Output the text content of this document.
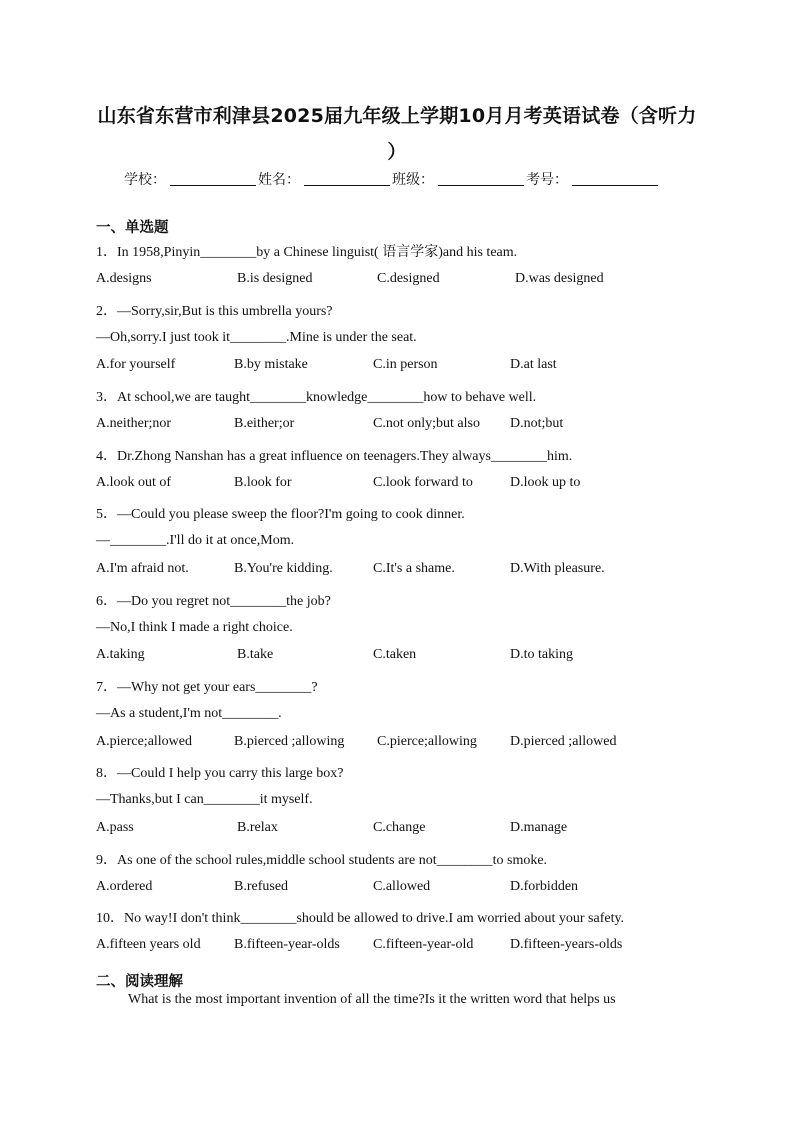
山东省东营市利津县2025届九年级上学期10月月考英语试卷（含听力
）
学校：	姓名：	班级：	考号：
一、单选题
1．In 1958,Pinyin________by a Chinese linguist( 语言学家)and his team.
A.designs	B.is designed	C.designed	D.was designed
2．—Sorry,sir,But is this umbrella yours?
—Oh,sorry.I just took it________.Mine is under the seat.
A.for yourself	B.by mistake	C.in person	D.at last
3．At school,we are taught________knowledge________how to behave well.
A.neither;nor	B.either;or	C.not only;but also D.not;but
4．Dr.Zhong Nanshan has a great influence on teenagers.They always________him.
A.look out of	B.look for	C.look forward to	D.look up to
5．—Could you please sweep the floor?I'm going to cook dinner.
—________.I'll do it at once,Mom.
A.I'm afraid not.	B.You're kidding.	C.It's a shame.	D.With pleasure.
6．—Do you regret not________the job?
—No,I think I made a right choice.
A.taking	B.take	C.taken	D.to taking
7．—Why not get your ears________?
—As a student,I'm not________.
A.pierce;allowed	B.pierced ;allowing C.pierce;allowing D.pierced ;allowed
8．—Could I help you carry this large box?
—Thanks,but I can________it myself.
A.pass	B.relax	C.change	D.manage
9．As one of the school rules,middle school students are not________to smoke.
A.ordered	B.refused	C.allowed	D.forbidden
10．No way!I don't think________should be allowed to drive.I am worried about your safety.
A.fifteen years old B.fifteen-year-olds C.fifteen-year-old	D.fifteen-years-olds
二、阅读理解
What is the most important invention of all the time?Is it the written word that helps us
